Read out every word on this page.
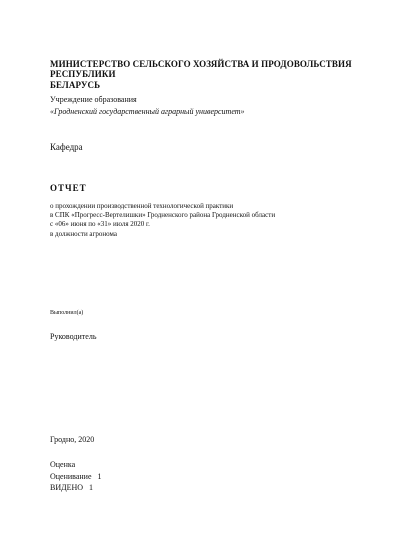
МИНИСТЕРСТВО СЕЛЬСКОГО ХОЗЯЙСТВА И ПРОДОВОЛЬСТВИЯ РЕСПУБЛИКИ
БЕЛАРУСЬ
Учреждение образования
«Гродненский государственный аграрный университет»
Кафедра
ОТЧЕТ
о прохождении производственной технологической практики
в СПК «Прогресс-Вертелишки» Гродненского района Гродненской области
с «06» июня по «31» июля 2020 г.
в должности агронома
Выполнил(а)
Руководитель
Гродно, 2020
Оценка
Оценивание 1
ВИДЕНО 1
